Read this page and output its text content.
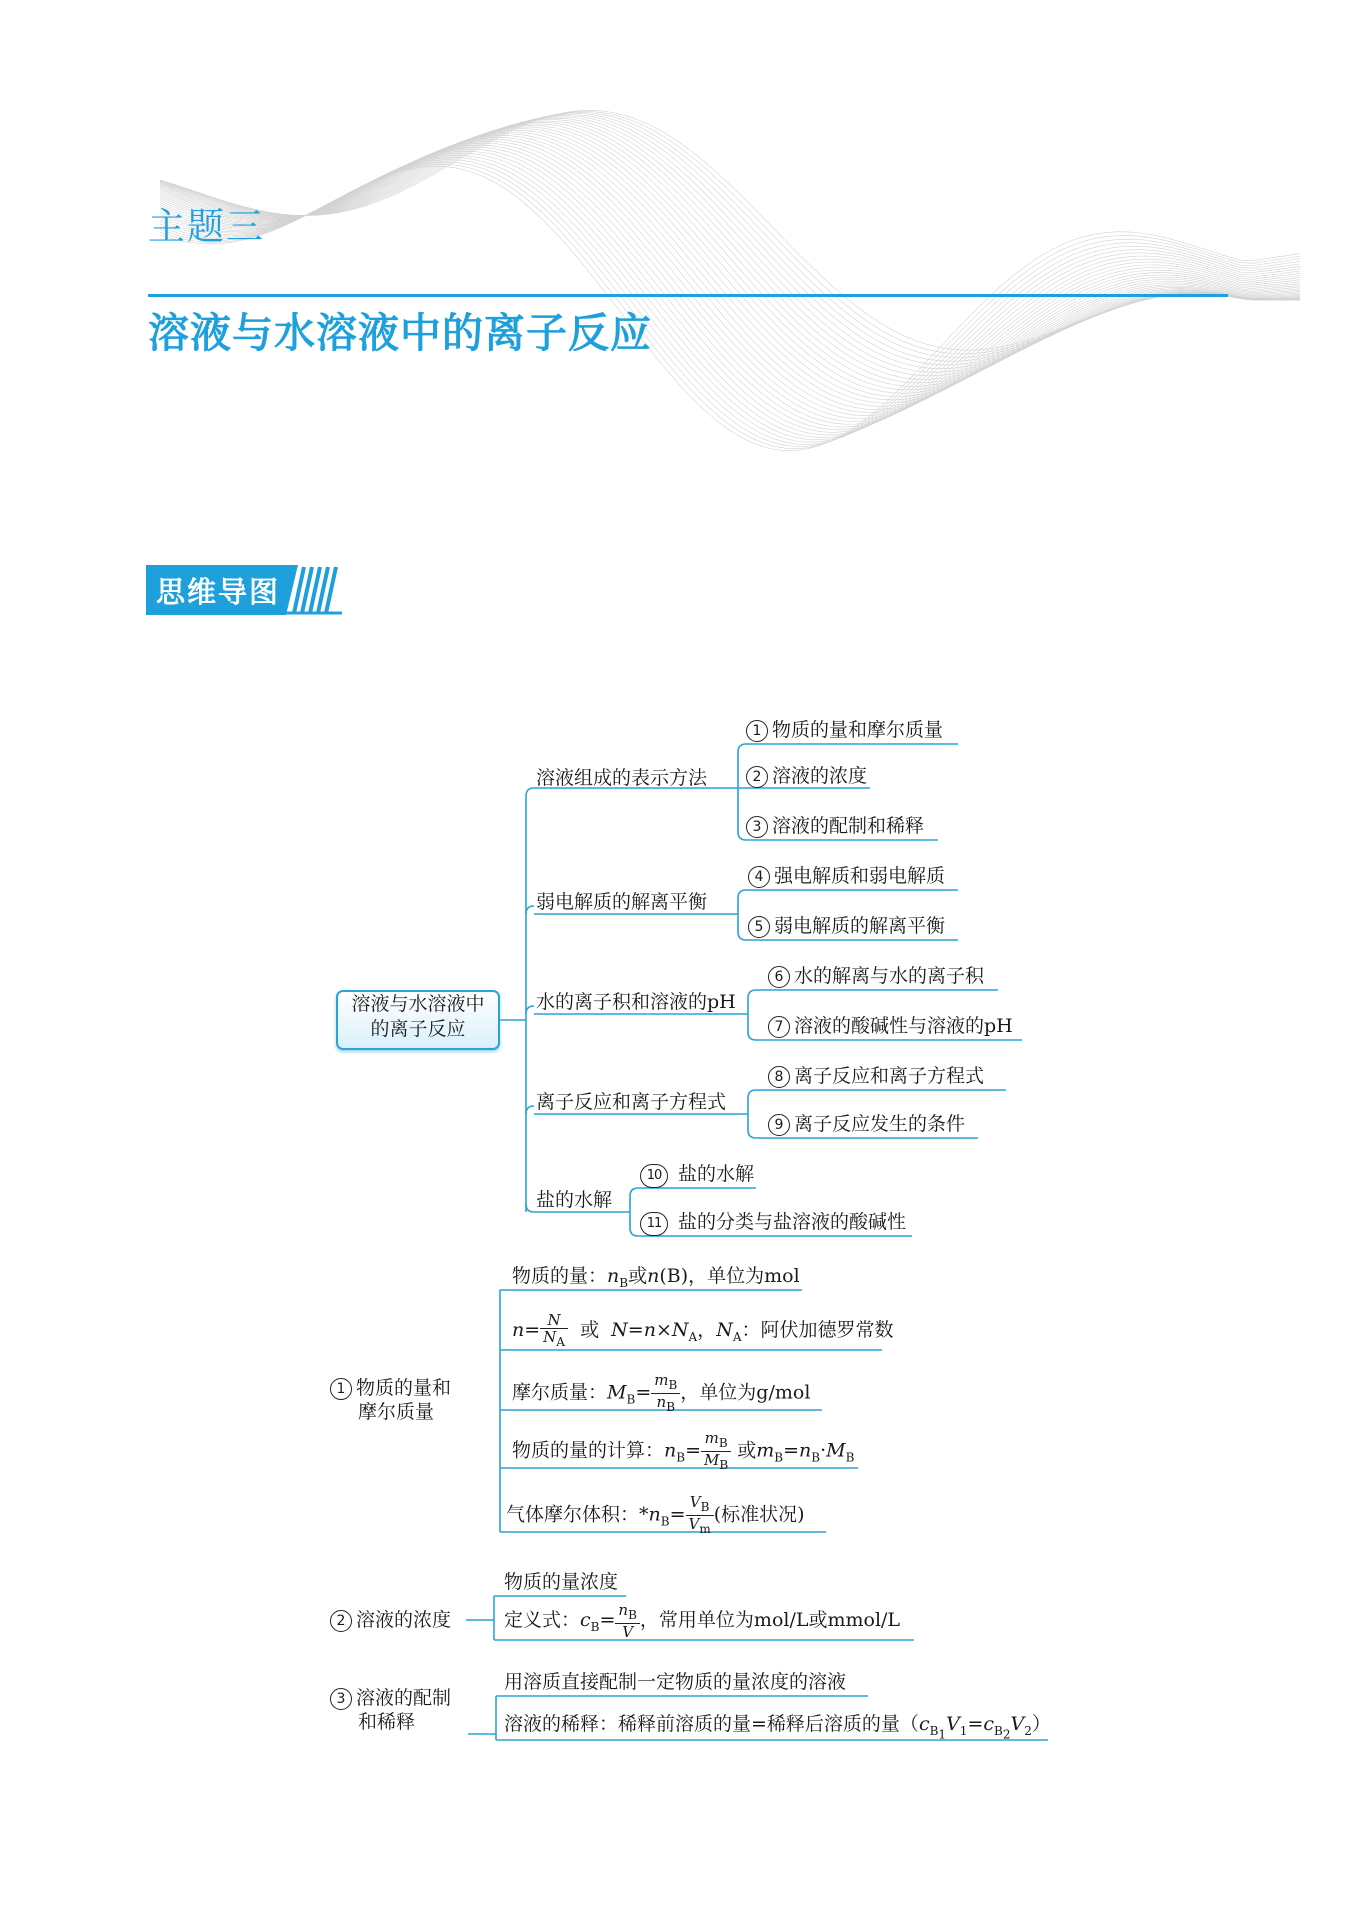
主题三
溶液与水溶液中的离子反应
思维导图
溶液与水溶液中
的离子反应
溶液组成的表示方法
弱电解质的解离平衡
水的离子积和溶液的pH
离子反应和离子方程式
盐的水解
1 物质的量和摩尔质量
2 溶液的浓度
3 溶液的配制和稀释
4 强电解质和弱电解质
5 弱电解质的解离平衡
6 水的解离与水的离子积
7 溶液的酸碱性与溶液的pH
8 离子反应和离子方程式
9 离子反应发生的条件
10 盐的水解
11 盐的分类与盐溶液的酸碱性
1 物质的量和
摩尔质量
物质的量：$n_B$或n(B)，单位为mol
$n= \frac{N}{N_A}$ 或 $N=n\times N_A$，$N_A$：阿伏加德罗常数
摩尔质量：$M_B= \frac{m_B}{n_B}$ ，单位为g/mol
物质的量的计算：$n_B= \frac{m_B}{M_B}$ 或$m_B=n_B\cdot M_B$
气体摩尔体积：$*n_B= \frac{V_B}{V_m}$ (标准状况)
2 溶液的浓度
物质的量浓度
定义式：$c_B= \frac{n_B}{V}$ ，常用单位为mol/L或mmol/L
3 溶液的配制
和稀释
用溶质直接配制一定物质的量浓度的溶液
溶液的稀释：稀释前溶质的量=稀释后溶质的量$(c_{B_1}V_1=c_{B_2}V_2)$
